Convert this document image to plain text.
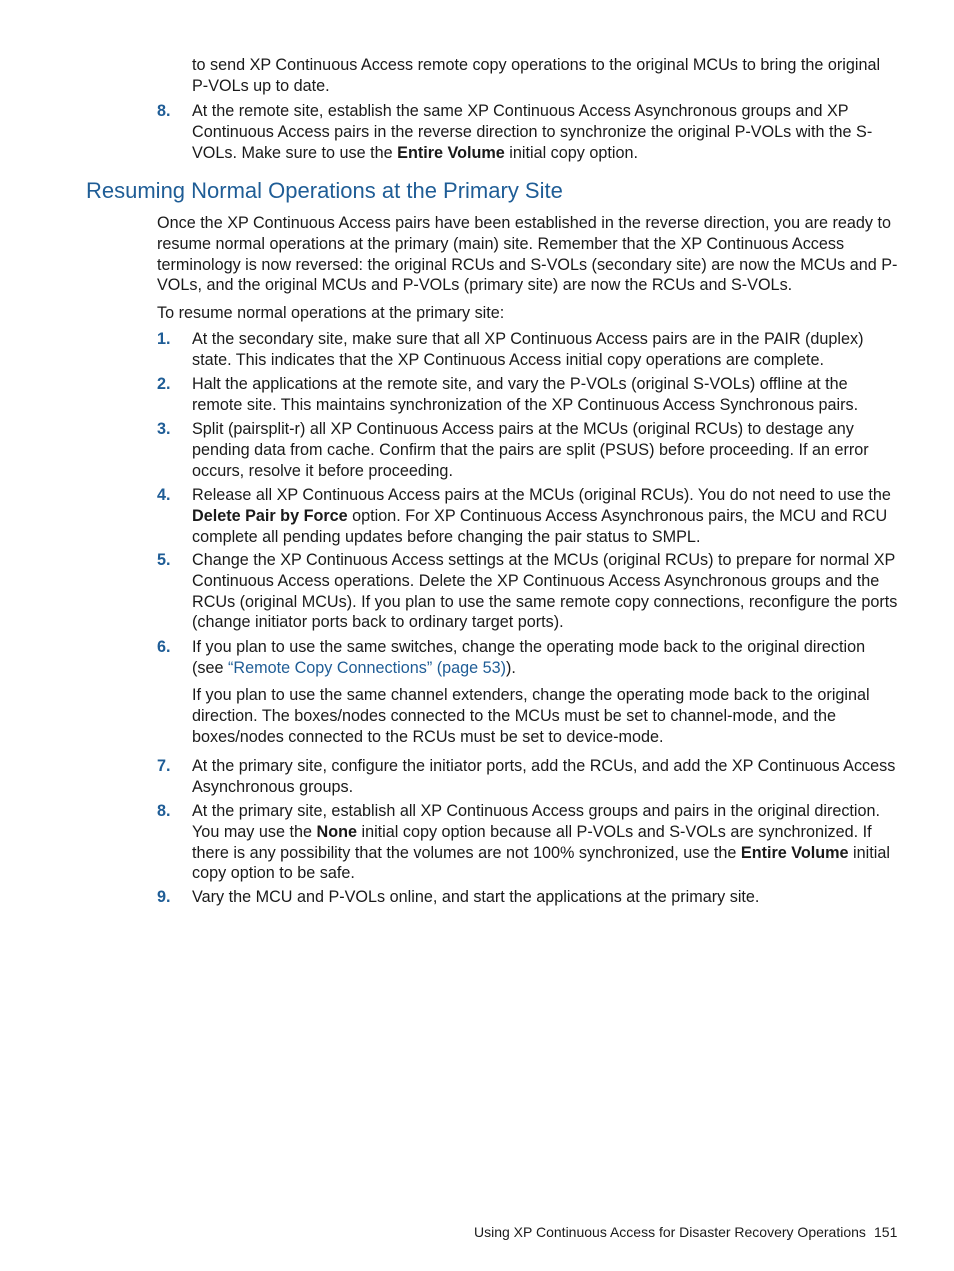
to send XP Continuous Access remote copy operations to the original MCUs to bring the original P-VOLs up to date.
8. At the remote site, establish the same XP Continuous Access Asynchronous groups and XP Continuous Access pairs in the reverse direction to synchronize the original P-VOLs with the S-VOLs. Make sure to use the Entire Volume initial copy option.
Resuming Normal Operations at the Primary Site
Once the XP Continuous Access pairs have been established in the reverse direction, you are ready to resume normal operations at the primary (main) site. Remember that the XP Continuous Access terminology is now reversed: the original RCUs and S-VOLs (secondary site) are now the MCUs and P-VOLs, and the original MCUs and P-VOLs (primary site) are now the RCUs and S-VOLs.
To resume normal operations at the primary site:
1. At the secondary site, make sure that all XP Continuous Access pairs are in the PAIR (duplex) state. This indicates that the XP Continuous Access initial copy operations are complete.
2. Halt the applications at the remote site, and vary the P-VOLs (original S-VOLs) offline at the remote site. This maintains synchronization of the XP Continuous Access Synchronous pairs.
3. Split (pairsplit-r) all XP Continuous Access pairs at the MCUs (original RCUs) to destage any pending data from cache. Confirm that the pairs are split (PSUS) before proceeding. If an error occurs, resolve it before proceeding.
4. Release all XP Continuous Access pairs at the MCUs (original RCUs). You do not need to use the Delete Pair by Force option. For XP Continuous Access Asynchronous pairs, the MCU and RCU complete all pending updates before changing the pair status to SMPL.
5. Change the XP Continuous Access settings at the MCUs (original RCUs) to prepare for normal XP Continuous Access operations. Delete the XP Continuous Access Asynchronous groups and the RCUs (original MCUs). If you plan to use the same remote copy connections, reconfigure the ports (change initiator ports back to ordinary target ports).
6. If you plan to use the same switches, change the operating mode back to the original direction (see “Remote Copy Connections” (page 53)).
If you plan to use the same channel extenders, change the operating mode back to the original direction. The boxes/nodes connected to the MCUs must be set to channel-mode, and the boxes/nodes connected to the RCUs must be set to device-mode.
7. At the primary site, configure the initiator ports, add the RCUs, and add the XP Continuous Access Asynchronous groups.
8. At the primary site, establish all XP Continuous Access groups and pairs in the original direction. You may use the None initial copy option because all P-VOLs and S-VOLs are synchronized. If there is any possibility that the volumes are not 100% synchronized, use the Entire Volume initial copy option to be safe.
9. Vary the MCU and P-VOLs online, and start the applications at the primary site.
Using XP Continuous Access for Disaster Recovery Operations 151
